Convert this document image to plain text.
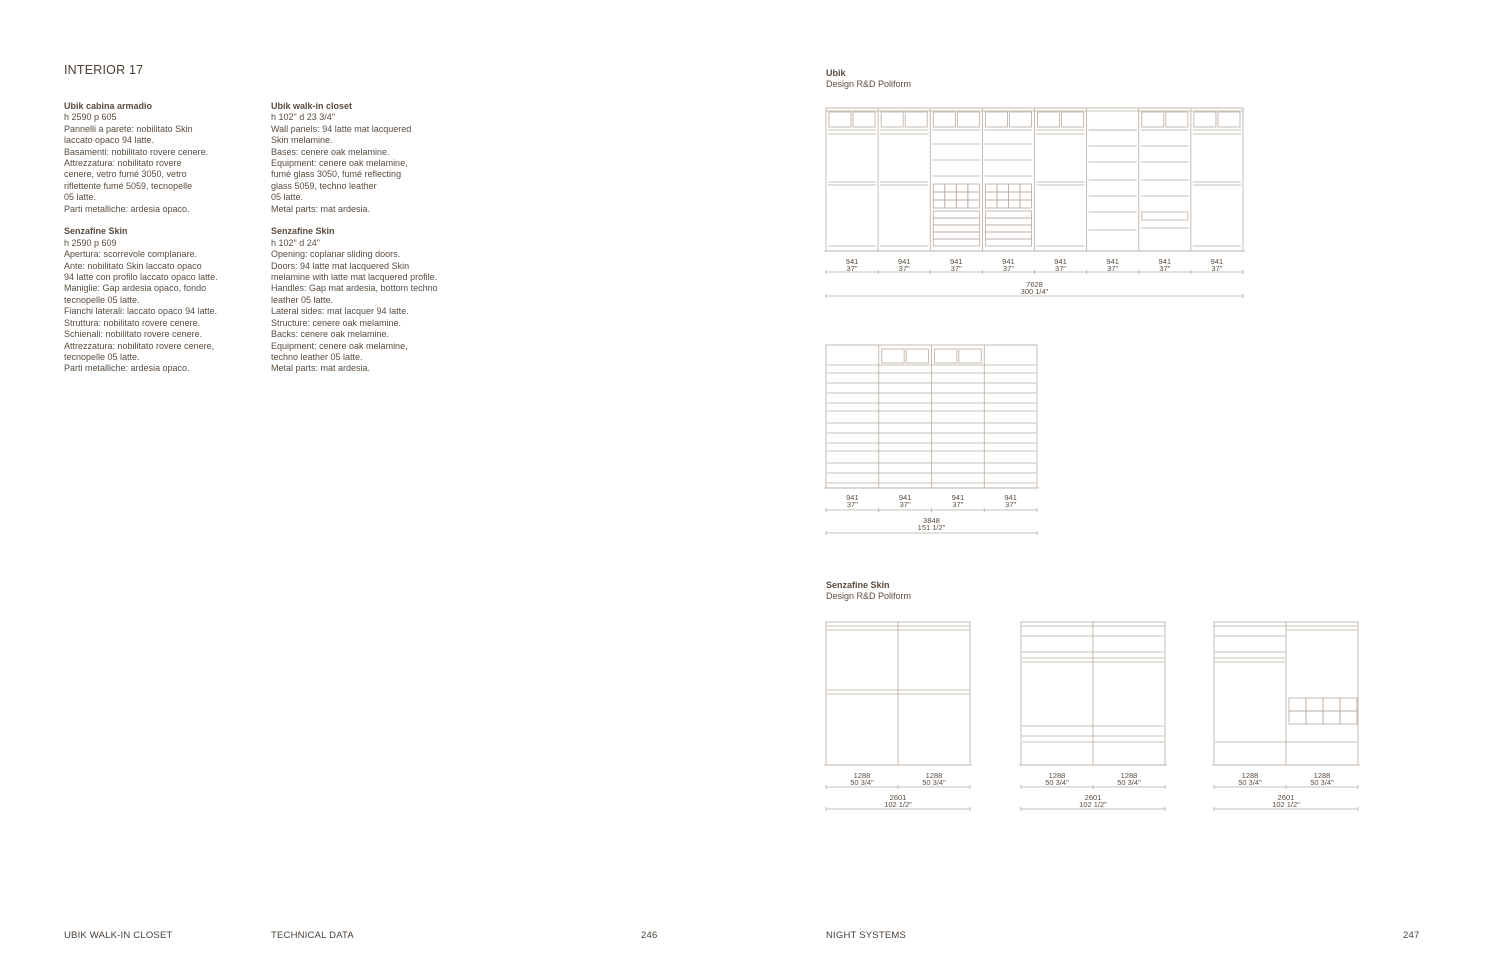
INTERIOR 17

Ubik cabina armadio
h 2590 p 605
Pannelli a parete: nobilitato Skin
laccato opaco 94 latte.
Basamenti: nobilitato rovere cenere.
Attrezzatura: nobilitato rovere
cenere, vetro fumé 3050, vetro
riflettente fumé 5059, tecnopelle
05 latte.
Parti metalliche: ardesia opaco.

Senzafine Skin
h 2590 p 609
Apertura: scorrevole complanare.
Ante: nobilitato Skin laccato opaco
94 latte con profilo laccato opaco latte.
Maniglie: Gap ardesia opaco, fondo
tecnopelle 05 latte.
Fianchi laterali: laccato opaco 94 latte.
Struttura: nobilitato rovere cenere.
Schienali: nobilitato rovere cenere.
Attrezzatura: nobilitato rovere cenere,
tecnopelle 05 latte.
Parti metalliche: ardesia opaco.

Ubik walk-in closet
h 102" d 23 3/4"
Wall panels: 94 latte mat lacquered
Skin melamine.
Bases: cenere oak melamine.
Equipment: cenere oak melamine,
fumé glass 3050, fumé reflecting
glass 5059, techno leather
05 latte.
Metal parts: mat ardesia.

Senzafine Skin
h 102" d 24"
Opening: coplanar sliding doors.
Doors: 94 latte mat lacquered Skin
melamine with latte mat lacquered profile.
Handles: Gap mat ardesia, bottom techno
leather 05 latte.
Lateral sides: mat lacquer 94 latte.
Structure: cenere oak melamine.
Backs: cenere oak melamine.
Equipment: cenere oak melamine,
techno leather 05 latte.
Metal parts: mat ardesia.

Ubik
Design R&D Poliform
Senzafine Skin
Design R&D Poliform
941
37"
941
37"
941
37"
941
37"
941
37"
941
37"
941
37"
941
37"
7628
300 1/4"
941
37"
941
37"
941
37"
941
37"
3848
151 1/2"
1288
50 3/4"
1288
50 3/4"
2601
102 1/2"
1288
50 3/4"
1288
50 3/4"
2601
102 1/2"
1288
50 3/4"
1288
50 3/4"
2601
102 1/2"
UBIK WALK-IN CLOSET	TECHNICAL DATA	246	NIGHT SYSTEMS	247
